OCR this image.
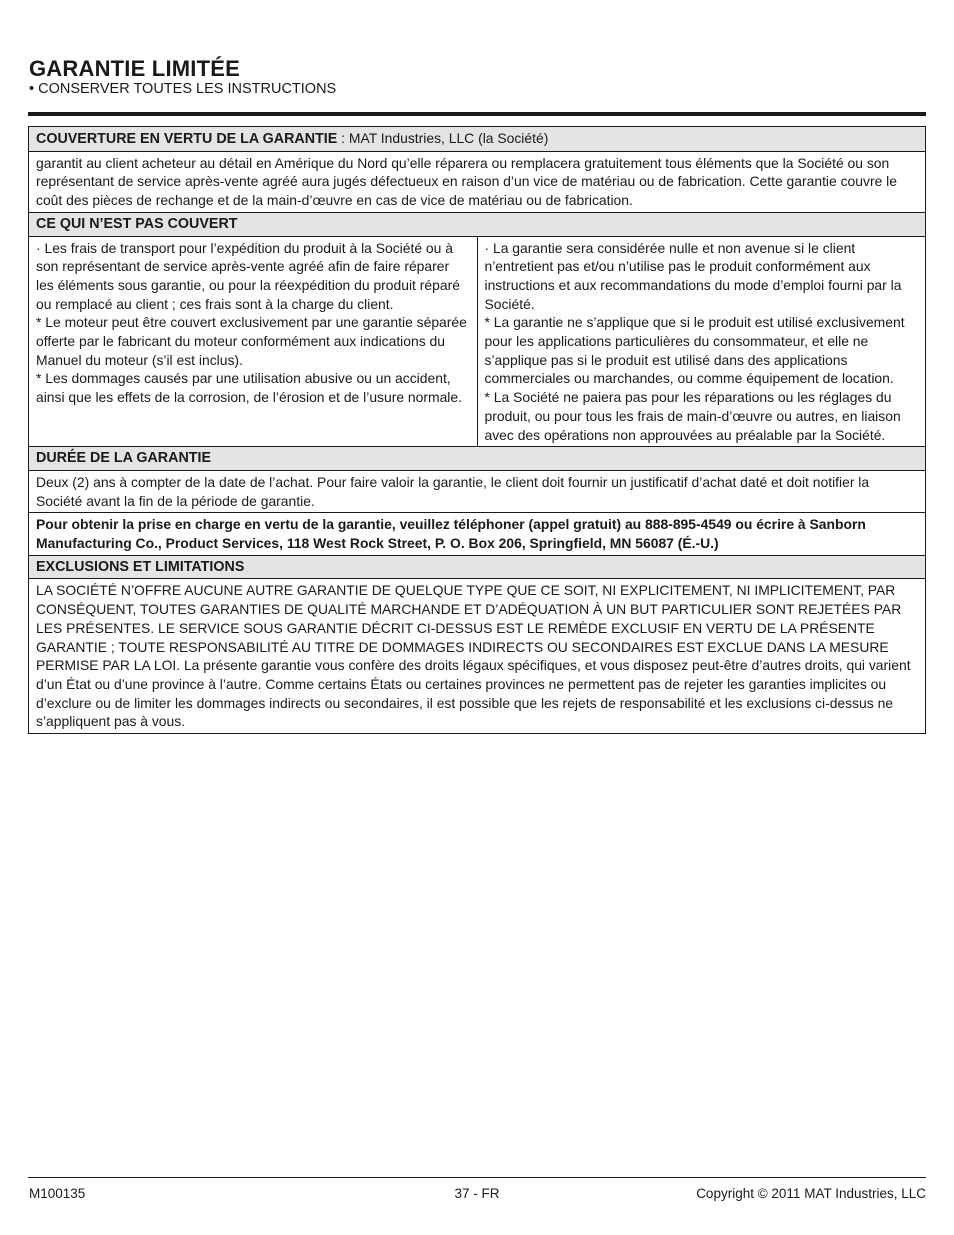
GARANTIE LIMITÉE
• CONSERVER TOUTES LES INSTRUCTIONS
COUVERTURE EN VERTU DE LA GARANTIE : MAT Industries, LLC (la Société)
garantit au client acheteur au détail en Amérique du Nord qu’elle réparera ou remplacera gratuitement tous éléments que la Société ou son représentant de service après-vente agréé aura jugés défectueux en raison d’un vice de matériau ou de fabrication. Cette garantie couvre le coût des pièces de rechange et de la main-d’œuvre en cas de vice de matériau ou de fabrication.
CE QUI N’EST PAS COUVERT

· Les frais de transport pour l’expédition du produit à la Société ou à son représentant de service après-vente agréé afin de faire réparer les éléments sous garantie, ou pour la réexpédition du produit réparé ou remplacé au client ; ces frais sont à la charge du client.
* Le moteur peut être couvert exclusivement par une garantie séparée offerte par le fabricant du moteur conformément aux indications du Manuel du moteur (s’il est inclus).
* Les dommages causés par une utilisation abusive ou un accident, ainsi que les effets de la corrosion, de l’érosion et de l’usure normale.

· La garantie sera considérée nulle et non avenue si le client n’entretient pas et/ou n’utilise pas le produit conformément aux instructions et aux recommandations du mode d’emploi fourni par la Société.
* La garantie ne s’applique que si le produit est utilisé exclusivement pour les applications particulières du consommateur, et elle ne s’applique pas si le produit est utilisé dans des applications commerciales ou marchandes, ou comme équipement de location.
* La Société ne paiera pas pour les réparations ou les réglages du produit, ou pour tous les frais de main-d’œuvre ou autres, en liaison avec des opérations non approuvées au préalable par la Société.

DURÉE DE LA GARANTIE
Deux (2) ans à compter de la date de l’achat. Pour faire valoir la garantie, le client doit fournir un justificatif d’achat daté et doit notifier la Société avant la fin de la période de garantie.
Pour obtenir la prise en charge en vertu de la garantie, veuillez téléphoner (appel gratuit) au 888-895-4549 ou écrire à Sanborn Manufacturing Co., Product Services, 118 West Rock Street, P. O. Box 206, Springfield, MN 56087 (É.-U.)
EXCLUSIONS ET LIMITATIONS
LA SOCIÉTÉ N’OFFRE AUCUNE AUTRE GARANTIE DE QUELQUE TYPE QUE CE SOIT, NI EXPLICITEMENT, NI IMPLICITEMENT, PAR CONSÉQUENT, TOUTES GARANTIES DE QUALITÉ MARCHANDE ET D’ADÉQUATION À UN BUT PARTICULIER SONT REJETÉES PAR LES PRÉSENTES. LE SERVICE SOUS GARANTIE DÉCRIT CI-DESSUS EST LE REMÈDE EXCLUSIF EN VERTU DE LA PRÉSENTE GARANTIE ; TOUTE RESPONSABILITÉ AU TITRE DE DOMMAGES INDIRECTS OU SECONDAIRES EST EXCLUE DANS LA MESURE PERMISE PAR LA LOI. La présente garantie vous confère des droits légaux spécifiques, et vous disposez peut-être d’autres droits, qui varient d’un État ou d’une province à l’autre. Comme certains États ou certaines provinces ne permettent pas de rejeter les garanties implicites ou d’exclure ou de limiter les dommages indirects ou secondaires, il est possible que les rejets de responsabilité et les exclusions ci-dessus ne s’appliquent pas à vous.
M100135	37 - FR	Copyright © 2011 MAT Industries, LLC
